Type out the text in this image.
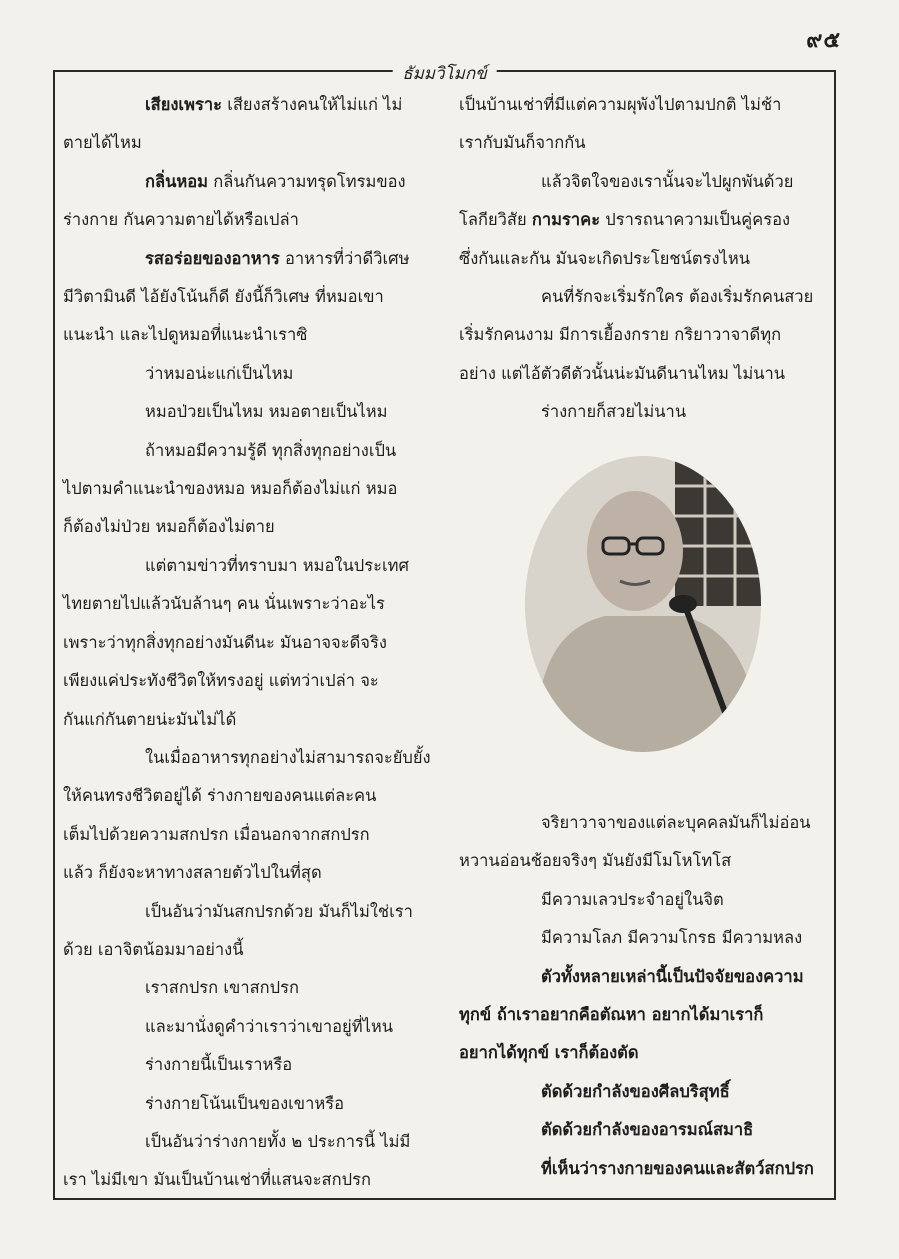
๙๕
ธัมมวิโมกข์

เสียงเพราะ เสียงสร้างคนให้ไม่แก่ ไม่

ตายได้ไหม

กลิ่นหอม กลิ่นกันความทรุดโทรมของ

ร่างกาย กันความตายได้หรือเปล่า

รสอร่อยของอาหาร อาหารที่ว่าดีวิเศษ

มีวิตามินดี ไอ้ยังโน้นก็ดี ยังนี้ก็วิเศษ ที่หมอเขา

แนะนำ และไปดูหมอที่แนะนำเราซิ

ว่าหมอน่ะแก่เป็นไหม

หมอป่วยเป็นไหม หมอตายเป็นไหม

ถ้าหมอมีความรู้ดี ทุกสิ่งทุกอย่างเป็น

ไปตามคำแนะนำของหมอ หมอก็ต้องไม่แก่ หมอ

ก็ต้องไม่ป่วย หมอก็ต้องไม่ตาย

แต่ตามข่าวที่ทราบมา หมอในประเทศ

ไทยตายไปแล้วนับล้านๆ คน นั่นเพราะว่าอะไร

เพราะว่าทุกสิ่งทุกอย่างมันดีนะ มันอาจจะดีจริง

เพียงแค่ประทังชีวิตให้ทรงอยู่ แต่ทว่าเปล่า จะ

กันแก่กันตายน่ะมันไม่ได้

ในเมื่ออาหารทุกอย่างไม่สามารถจะยับยั้ง

ให้คนทรงชีวิตอยู่ได้ ร่างกายของคนแต่ละคน

เต็มไปด้วยความสกปรก เมื่อนอกจากสกปรก

แล้ว ก็ยังจะหาทางสลายตัวไปในที่สุด

เป็นอันว่ามันสกปรกด้วย มันก็ไม่ใช่เรา

ด้วย เอาจิตน้อมมาอย่างนี้

เราสกปรก เขาสกปรก

และมานั่งดูคำว่าเราว่าเขาอยู่ที่ไหน

ร่างกายนี้เป็นเราหรือ

ร่างกายโน้นเป็นของเขาหรือ

เป็นอันว่าร่างกายทั้ง ๒ ประการนี้ ไม่มี

เรา ไม่มีเขา มันเป็นบ้านเช่าที่แสนจะสกปรก

เป็นบ้านเช่าที่มีแต่ความผุพังไปตามปกติ ไม่ช้า

เรากับมันก็จากกัน

แล้วจิตใจของเรานั้นจะไปผูกพันด้วย

โลกียวิสัย กามราคะ ปรารถนาความเป็นคู่ครอง

ซึ่งกันและกัน มันจะเกิดประโยชน์ตรงไหน

คนที่รักจะเริ่มรักใคร ต้องเริ่มรักคนสวย

เริ่มรักคนงาม มีการเยื้องกราย กริยาวาจาดีทุก

อย่าง แต่ไอ้ตัวดีตัวนั้นน่ะมันดีนานไหม ไม่นาน

ร่างกายก็สวยไม่นาน

จริยาวาจาของแต่ละบุคคลมันก็ไม่อ่อน

หวานอ่อนช้อยจริงๆ มันยังมีโมโหโทโส

มีความเลวประจำอยู่ในจิต

มีความโลภ มีความโกรธ มีความหลง

ตัวทั้งหลายเหล่านี้เป็นปัจจัยของความ

ทุกข์ ถ้าเราอยากคือตัณหา อยากได้มาเราก็

อยากได้ทุกข์ เราก็ต้องตัด

ตัดด้วยกำลังของศีลบริสุทธิ์

ตัดด้วยกำลังของอารมณ์สมาธิ

ที่เห็นว่ารางกายของคนและสัตว์สกปรก
